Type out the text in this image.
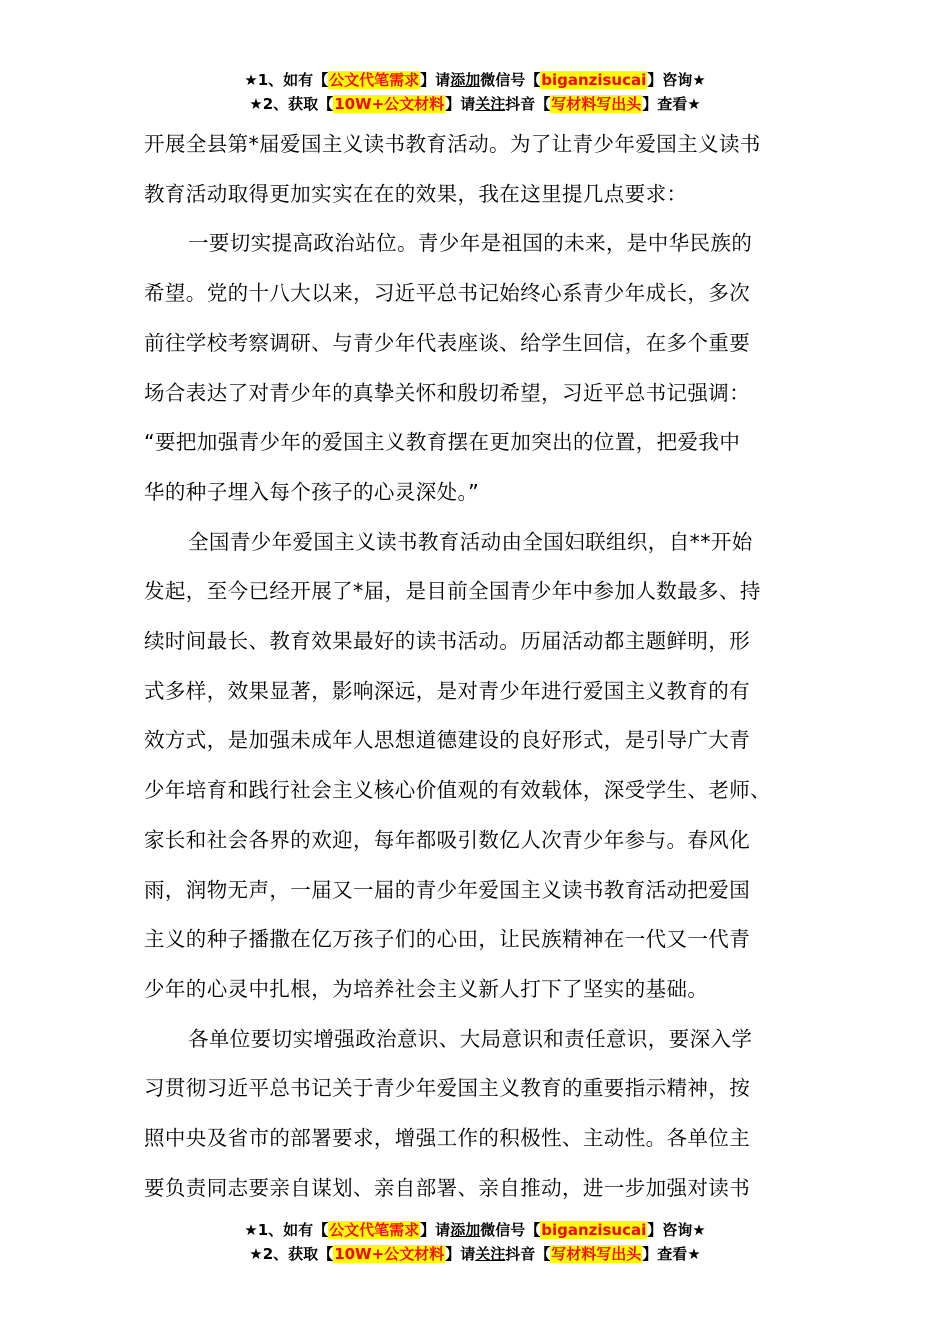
★1、如有【公文代笔需求】请添加微信号【biganzisucai】咨询★
★2、获取【10W+公文材料】请关注抖音【写材料写出头】查看★

开展全县第*届爱国主义读书教育活动。为了让青少年爱国主义读书
教育活动取得更加实实在在的效果，我在这里提几点要求：

一要切实提高政治站位。青少年是祖国的未来，是中华民族的
希望。党的十八大以来，习近平总书记始终心系青少年成长，多次
前往学校考察调研、与青少年代表座谈、给学生回信，在多个重要
场合表达了对青少年的真挚关怀和殷切希望，习近平总书记强调：
“要把加强青少年的爱国主义教育摆在更加突出的位置，把爱我中
华的种子埋入每个孩子的心灵深处。”

全国青少年爱国主义读书教育活动由全国妇联组织，自**开始
发起，至今已经开展了*届，是目前全国青少年中参加人数最多、持
续时间最长、教育效果最好的读书活动。历届活动都主题鲜明，形
式多样，效果显著，影响深远，是对青少年进行爱国主义教育的有
效方式，是加强未成年人思想道德建设的良好形式，是引导广大青
少年培育和践行社会主义核心价值观的有效载体，深受学生、老师、
家长和社会各界的欢迎，每年都吸引数亿人次青少年参与。春风化
雨，润物无声，一届又一届的青少年爱国主义读书教育活动把爱国
主义的种子播撒在亿万孩子们的心田，让民族精神在一代又一代青
少年的心灵中扎根，为培养社会主义新人打下了坚实的基础。

各单位要切实增强政治意识、大局意识和责任意识，要深入学
习贯彻习近平总书记关于青少年爱国主义教育的重要指示精神，按
照中央及省市的部署要求，增强工作的积极性、主动性。各单位主
要负责同志要亲自谋划、亲自部署、亲自推动，进一步加强对读书

★1、如有【公文代笔需求】请添加微信号【biganzisucai】咨询★
★2、获取【10W+公文材料】请关注抖音【写材料写出头】查看★
